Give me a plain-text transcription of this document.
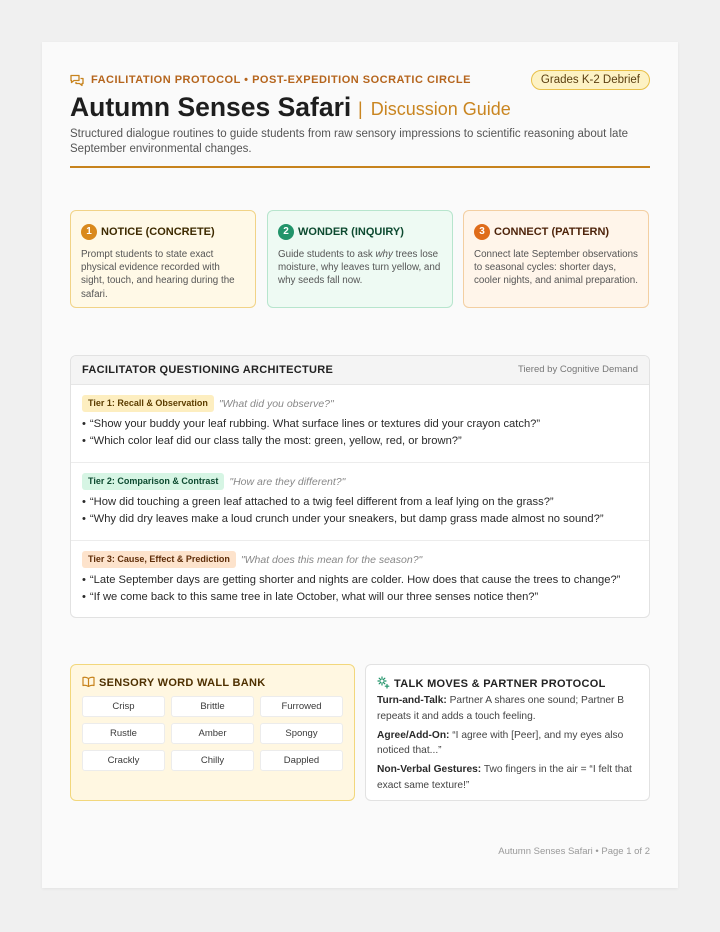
FACILITATION PROTOCOL • POST-EXPEDITION SOCRATIC CIRCLE	Grades K-2 Debrief
Autumn Senses Safari | Discussion Guide
Structured dialogue routines to guide students from raw sensory impressions to scientific reasoning about late September environmental changes.
1 NOTICE (CONCRETE)
Prompt students to state exact physical evidence recorded with sight, touch, and hearing during the safari.
2 WONDER (INQUIRY)
Guide students to ask why trees lose moisture, why leaves turn yellow, and why seeds fall now.
3 CONNECT (PATTERN)
Connect late September observations to seasonal cycles: shorter days, cooler nights, and animal preparation.
FACILITATOR QUESTIONING ARCHITECTURE	Tiered by Cognitive Demand
Tier 1: Recall & Observation "What did you observe?"
• “Show your buddy your leaf rubbing. What surface lines or textures did your crayon catch?”
• “Which color leaf did our class tally the most: green, yellow, red, or brown?”
Tier 2: Comparison & Contrast "How are they different?"
• “How did touching a green leaf attached to a twig feel different from a leaf lying on the grass?”
• “Why did dry leaves make a loud crunch under your sneakers, but damp grass made almost no sound?”
Tier 3: Cause, Effect & Prediction "What does this mean for the season?"
• “Late September days are getting shorter and nights are colder. How does that cause the trees to change?”
• “If we come back to this same tree in late October, what will our three senses notice then?”
SENSORY WORD WALL BANK
Crisp	Brittle	Furrowed
Rustle	Amber	Spongy
Crackly	Chilly	Dappled
TALK MOVES & PARTNER PROTOCOL
Turn-and-Talk: Partner A shares one sound; Partner B repeats it and adds a touch feeling.
Agree/Add-On: “I agree with [Peer], and my eyes also noticed that...”
Non-Verbal Gestures: Two fingers in the air = “I felt that exact same texture!”
Autumn Senses Safari • Page 1 of 2
